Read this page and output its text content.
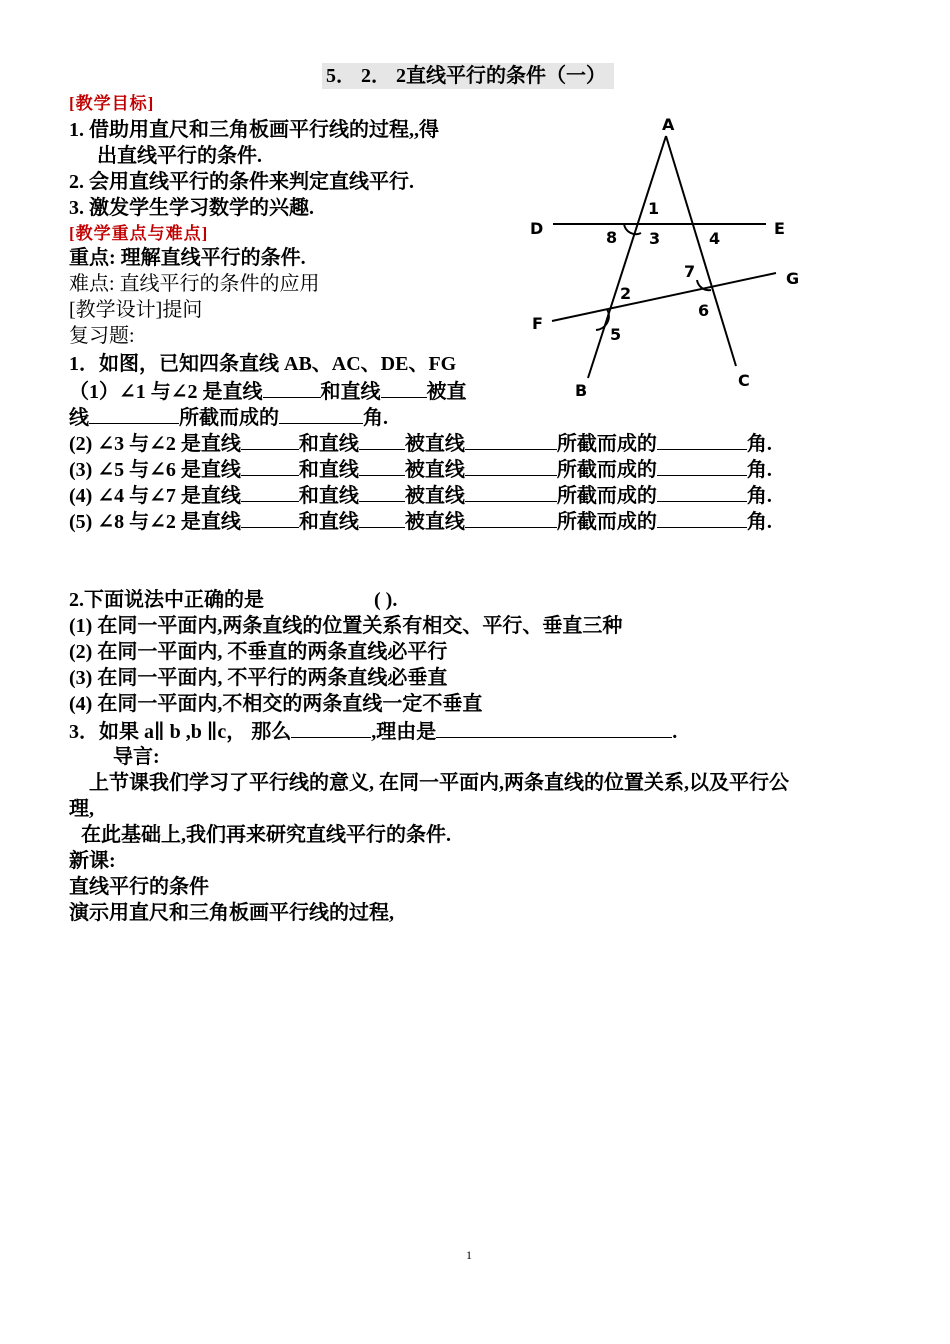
5． 2． 2直线平行的条件（一）
[教学目标]
1. 借助用直尺和三角板画平行线的过程,,得
出直线平行的条件.
2. 会用直线平行的条件来判定直线平行.
3. 激发学生学习数学的兴趣.
[教学重点与难点]
重点: 理解直线平行的条件.
难点: 直线平行的条件的应用
[教学设计]提问
复习题:
1．如图，已知四条直线 AB、AC、DE、FG
（1）∠1 与∠2 是直线	和直线 被直
线	所截而成的	角.
(2) ∠3 与∠2 是直线	和直线 被直线	所截而成的	角.
(3) ∠5 与∠6 是直线	和直线 被直线	所截而成的	角.
(4) ∠4 与∠7 是直线	和直线 被直线	所截而成的	角.
(5) ∠8 与∠2 是直线	和直线 被直线	所截而成的	角.
2.下面说法中正确的是	( ).
(1) 在同一平面内,两条直线的位置关系有相交、平行、垂直三种
(2) 在同一平面内, 不垂直的两条直线必平行
(3) 在同一平面内, 不平行的两条直线必垂直
(4) 在同一平面内,不相交的两条直线一定不垂直
3．如果 a∥ b ,b ∥c， 那么	,理由是	.
导言:
上节课我们学习了平行线的意义, 在同一平面内,两条直线的位置关系,以及平行公
理,
在此基础上,我们再来研究直线平行的条件.
新课:
直线平行的条件
演示用直尺和三角板画平行线的过程,
A
B
C
D	E
F
G
1
2
3	4
5
6
7
8
1
